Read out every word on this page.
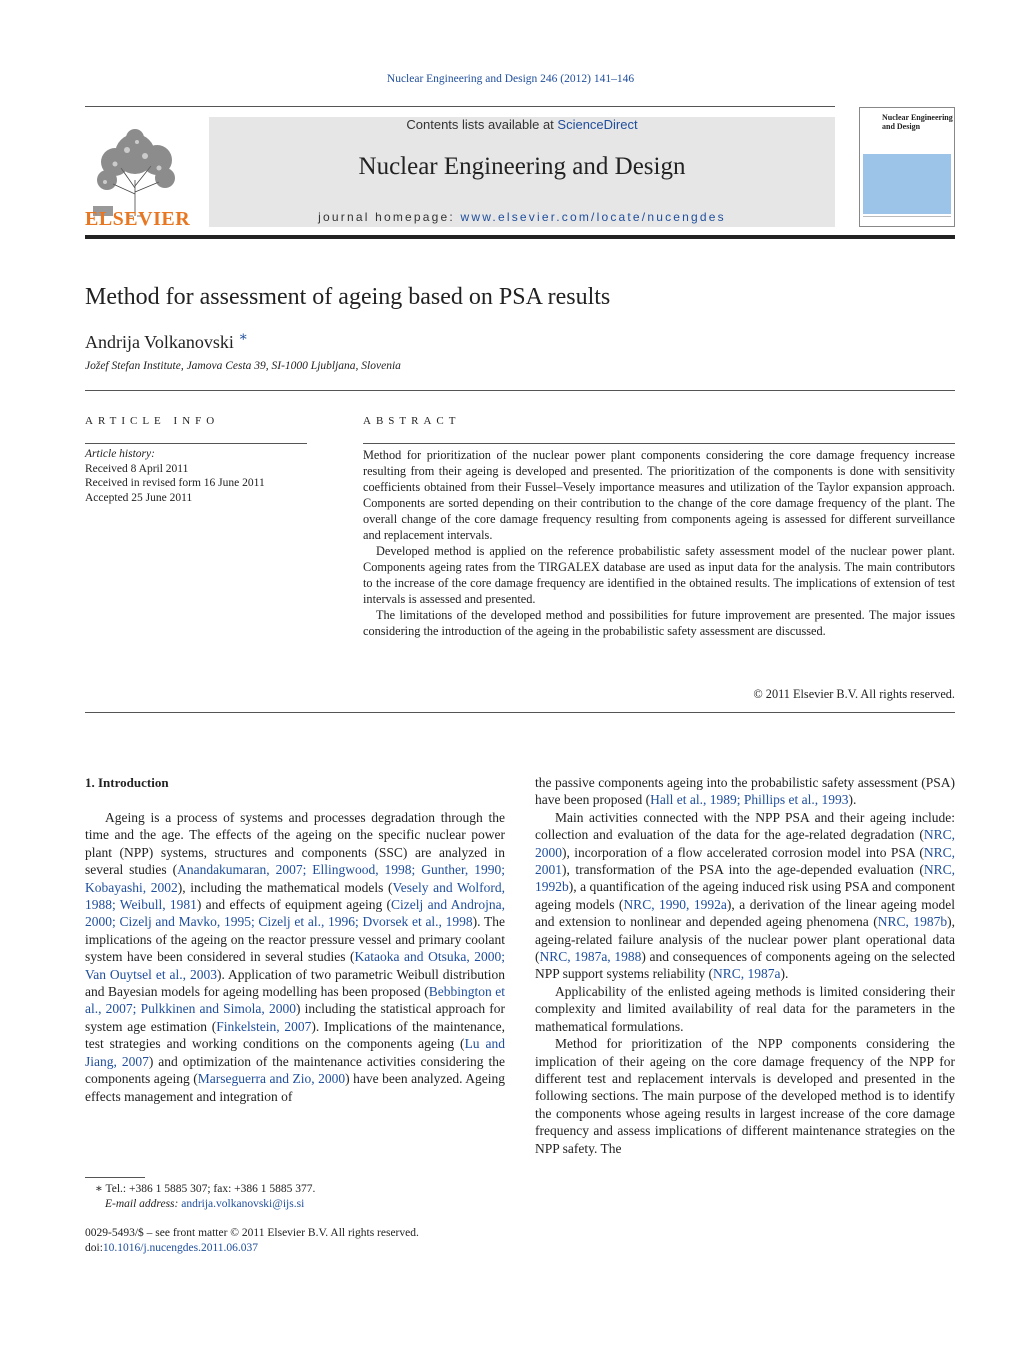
Nuclear Engineering and Design 246 (2012) 141–146
ELSEVIER
Contents lists available at ScienceDirect
Nuclear Engineering and Design
journal homepage: www.elsevier.com/locate/nucengdes
Nuclear Engineering and Design
Method for assessment of ageing based on PSA results
Andrija Volkanovski ∗
Jožef Stefan Institute, Jamova Cesta 39, SI-1000 Ljubljana, Slovenia
ARTICLE INFO	ABSTRACT
Article history:
Received 8 April 2011
Received in revised form 16 June 2011
Accepted 25 June 2011

Method for prioritization of the nuclear power plant components considering the core damage frequency increase resulting from their ageing is developed and presented. The prioritization of the components is done with sensitivity coefficients obtained from their Fussel–Vesely importance measures and utilization of the Taylor expansion approach. Components are sorted depending on their contribution to the change of the core damage frequency of the plant. The overall change of the core damage frequency resulting from components ageing is assessed for different surveillance and replacement intervals.

Developed method is applied on the reference probabilistic safety assessment model of the nuclear power plant. Components ageing rates from the TIRGALEX database are used as input data for the analysis. The main contributors to the increase of the core damage frequency are identified in the obtained results. The implications of extension of test intervals is assessed and presented.

The limitations of the developed method and possibilities for future improvement are presented. The major issues considering the introduction of the ageing in the probabilistic safety assessment are discussed.

© 2011 Elsevier B.V. All rights reserved.
1. Introduction

Ageing is a process of systems and processes degradation through the time and the age. The effects of the ageing on the specific nuclear power plant (NPP) systems, structures and components (SSC) are analyzed in several studies (Anandakumaran, 2007; Ellingwood, 1998; Gunther, 1990; Kobayashi, 2002), including the mathematical models (Vesely and Wolford, 1988; Weibull, 1981) and effects of equipment ageing (Cizelj and Androjna, 2000; Cizelj and Mavko, 1995; Cizelj et al., 1996; Dvorsek et al., 1998). The implications of the ageing on the reactor pressure vessel and primary coolant system have been considered in several studies (Kataoka and Otsuka, 2000; Van Ouytsel et al., 2003). Application of two parametric Weibull distribution and Bayesian models for ageing modelling has been proposed (Bebbington et al., 2007; Pulkkinen and Simola, 2000) including the statistical approach for system age estimation (Finkelstein, 2007). Implications of the maintenance, test strategies and working conditions on the components ageing (Lu and Jiang, 2007) and optimization of the maintenance activities considering the components ageing (Marseguerra and Zio, 2000) have been analyzed. Ageing effects management and integration of

the passive components ageing into the probabilistic safety assessment (PSA) have been proposed (Hall et al., 1989; Phillips et al., 1993).

Main activities connected with the NPP PSA and their ageing include: collection and evaluation of the data for the age-related degradation (NRC, 2000), incorporation of a flow accelerated corrosion model into PSA (NRC, 2001), transformation of the PSA into the age-depended evaluation (NRC, 1992b), a quantification of the ageing induced risk using PSA and component ageing models (NRC, 1990, 1992a), a derivation of the linear ageing model and extension to nonlinear and depended ageing phenomena (NRC, 1987b), ageing-related failure analysis of the nuclear power plant operational data (NRC, 1987a, 1988) and consequences of components ageing on the selected NPP support systems reliability (NRC, 1987a).

Applicability of the enlisted ageing methods is limited considering their complexity and limited availability of real data for the parameters in the mathematical formulations.

Method for prioritization of the NPP components considering the implication of their ageing on the core damage frequency of the NPP for different test and replacement intervals is developed and presented in the following sections. The main purpose of the developed method is to identify the components whose ageing results in largest increase of the core damage frequency and assess implications of different maintenance strategies on the NPP safety. The

∗ Tel.: +386 1 5885 307; fax: +386 1 5885 377.
E-mail address: andrija.volkanovski@ijs.si
0029-5493/$ – see front matter © 2011 Elsevier B.V. All rights reserved.
doi:10.1016/j.nucengdes.2011.06.037
